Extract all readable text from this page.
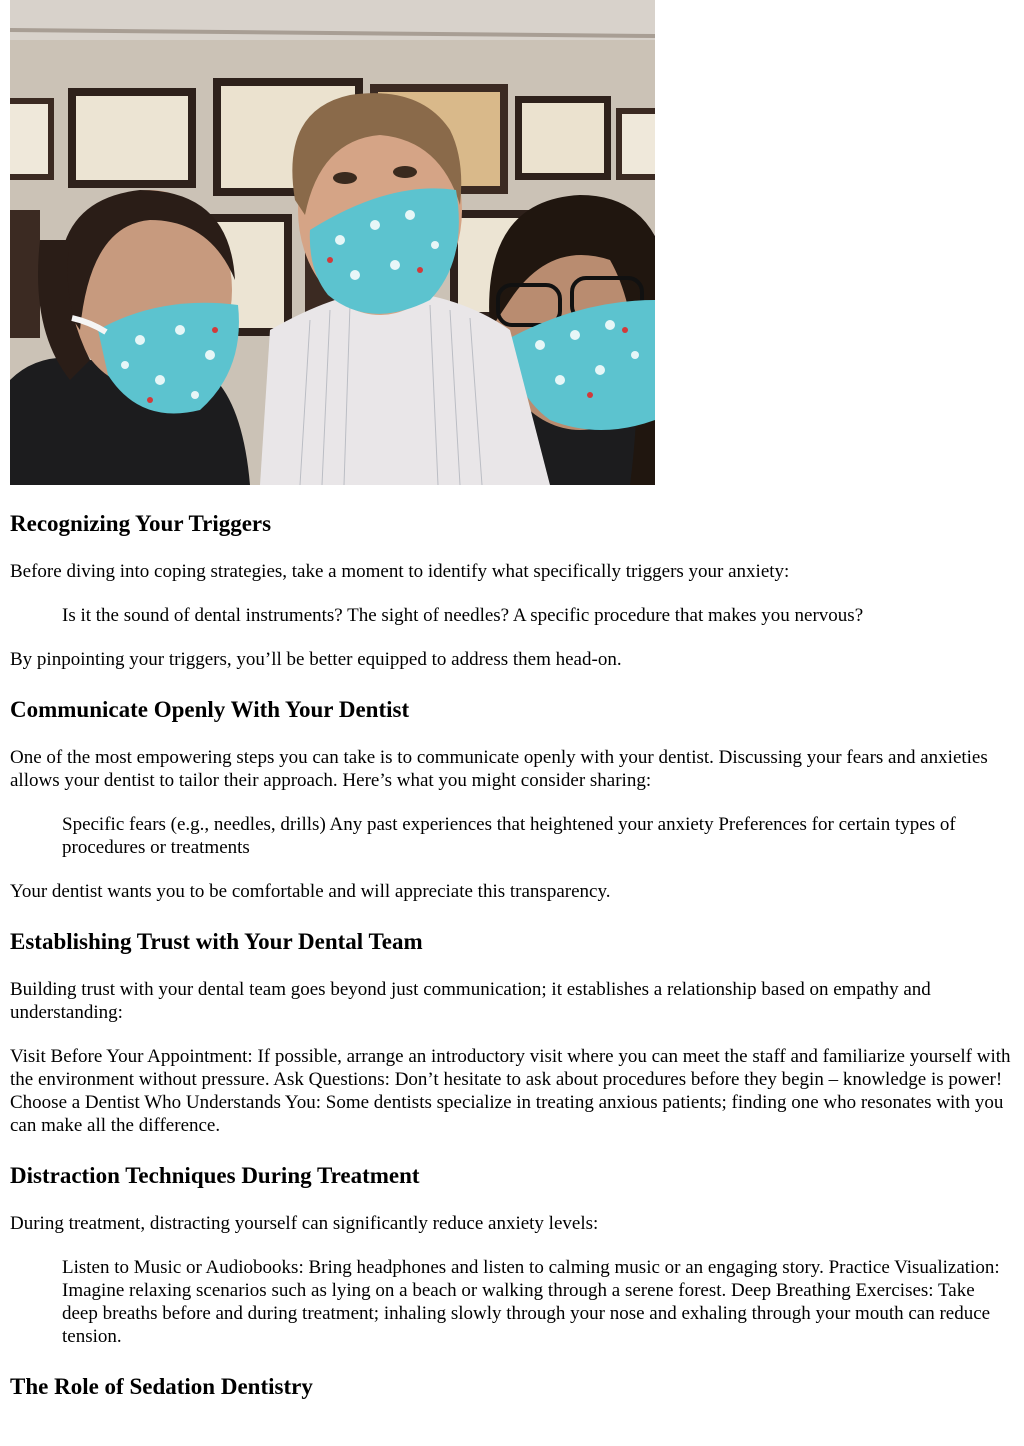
Recognizing Your Triggers

Before diving into coping strategies, take a moment to identify what specifically triggers your anxiety:

Is it the sound of dental instruments? The sight of needles? A specific procedure that makes you nervous?

By pinpointing your triggers, you’ll be better equipped to address them head-on.

Communicate Openly With Your Dentist

One of the most empowering steps you can take is to communicate openly with your dentist. Discussing your fears and anxieties allows your dentist to tailor their approach. Here’s what you might consider sharing:

Specific fears (e.g., needles, drills) Any past experiences that heightened your anxiety Preferences for certain types of procedures or treatments

Your dentist wants you to be comfortable and will appreciate this transparency.

Establishing Trust with Your Dental Team

Building trust with your dental team goes beyond just communication; it establishes a relationship based on empathy and understanding:

Visit Before Your Appointment: If possible, arrange an introductory visit where you can meet the staff and familiarize yourself with the environment without pressure. Ask Questions: Don’t hesitate to ask about procedures before they begin – knowledge is power! Choose a Dentist Who Understands You: Some dentists specialize in treating anxious patients; finding one who resonates with you can make all the difference.

Distraction Techniques During Treatment

During treatment, distracting yourself can significantly reduce anxiety levels:

Listen to Music or Audiobooks: Bring headphones and listen to calming music or an engaging story. Practice Visualization: Imagine relaxing scenarios such as lying on a beach or walking through a serene forest. Deep Breathing Exercises: Take deep breaths before and during treatment; inhaling slowly through your nose and exhaling through your mouth can reduce tension.
The Role of Sedation Dentistry
